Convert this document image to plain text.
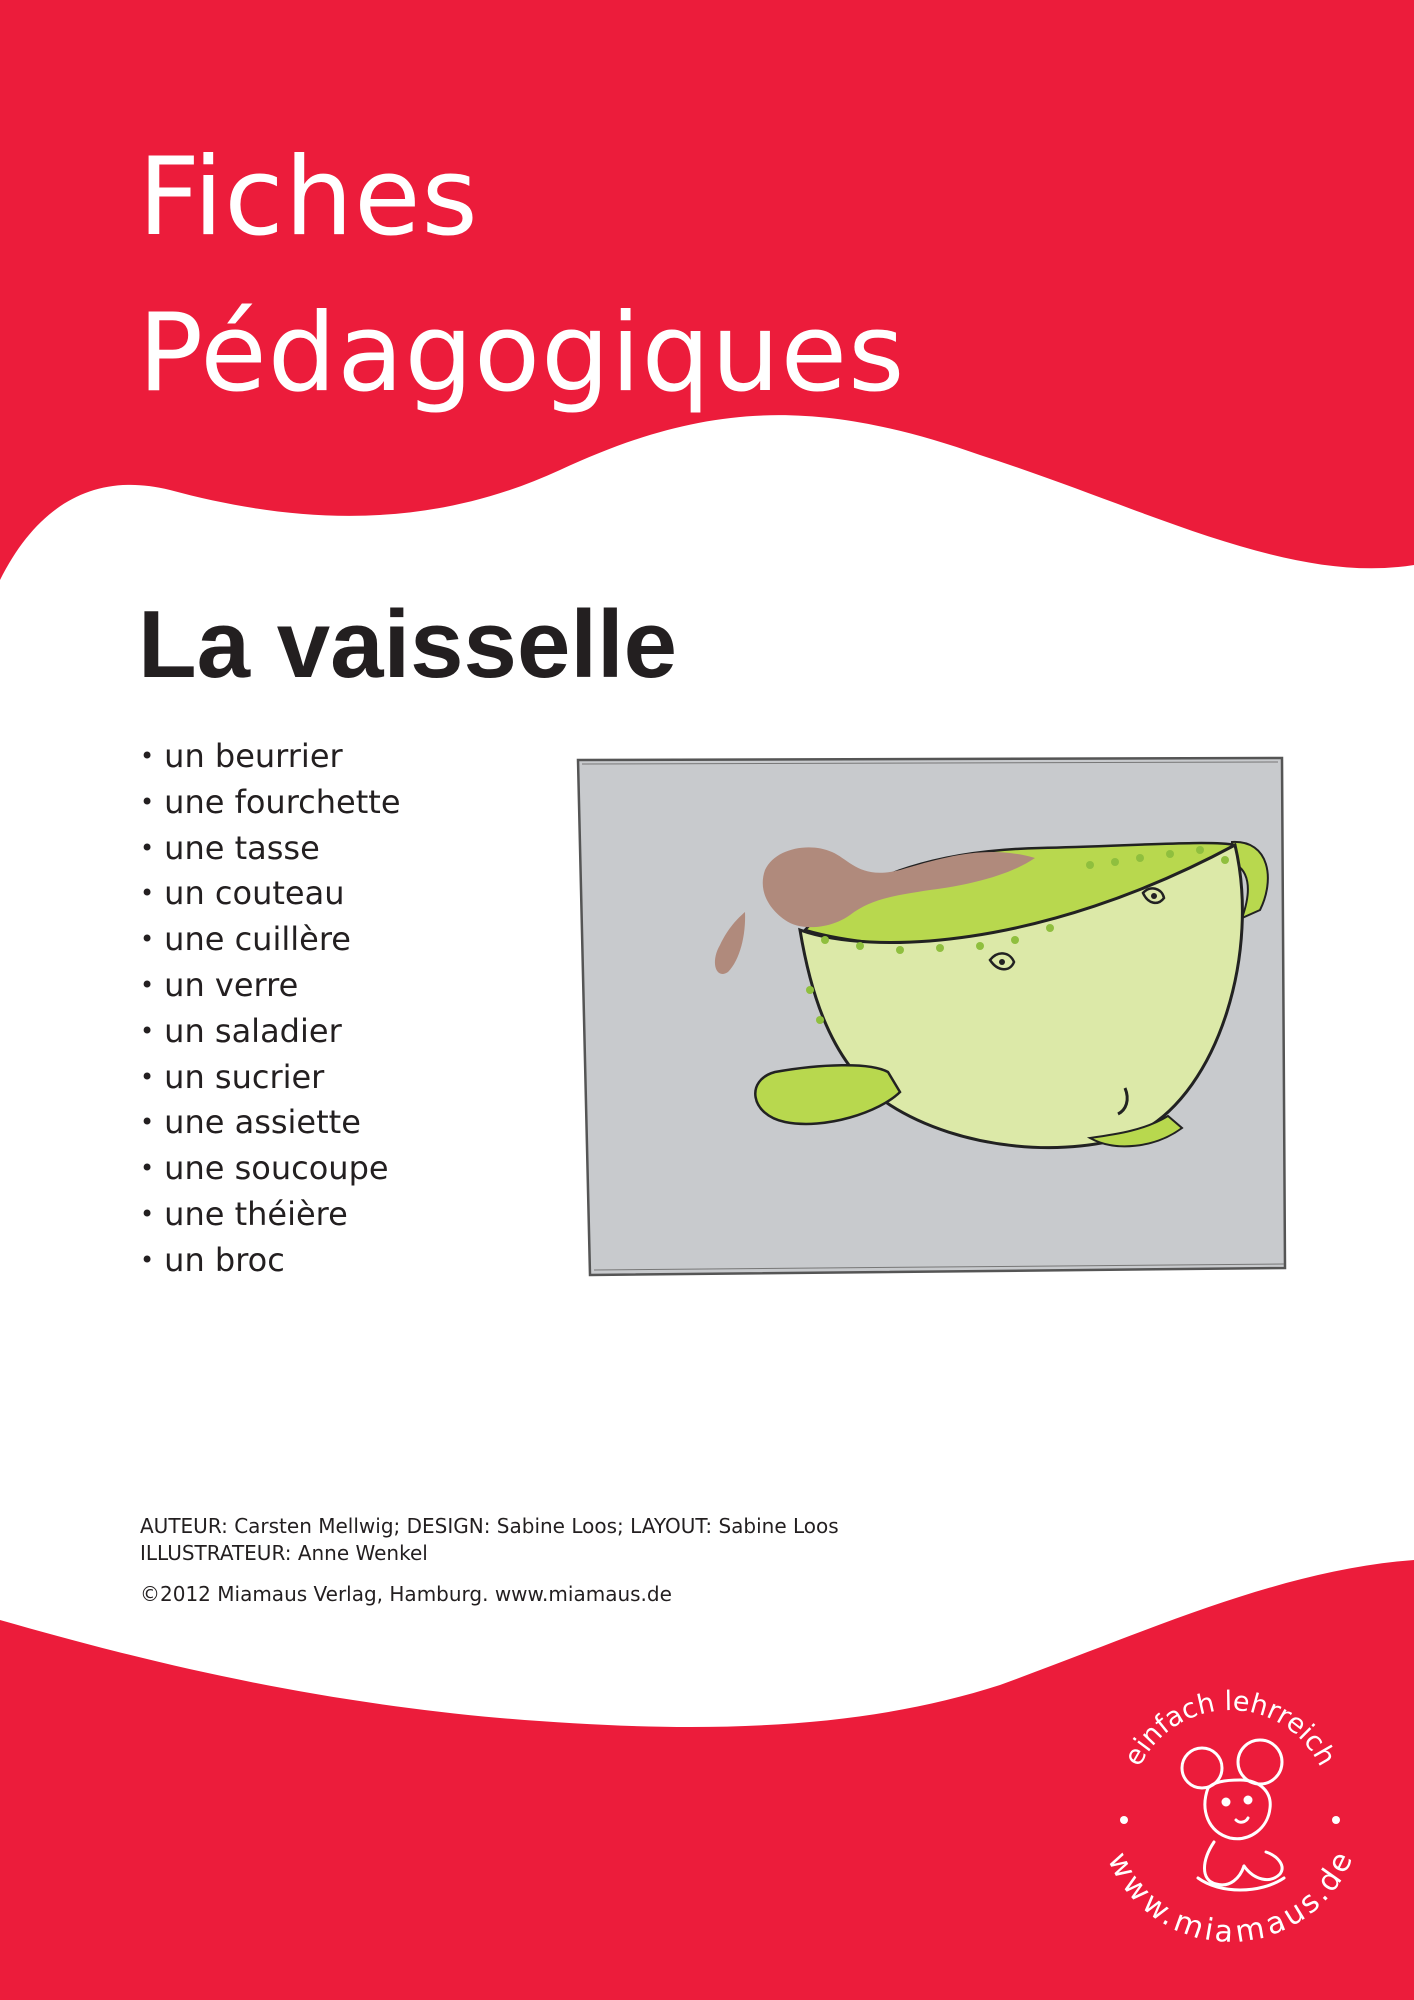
Fiches
Pédagogiques
La vaisselle
• un beurrier
• une fourchette
• une tasse
• un couteau
• une cuillère
• un verre
• un saladier
• un sucrier
• une assiette
• une soucoupe
• une théière
• un broc

AUTEUR: Carsten Mellwig; DESIGN: Sabine Loos; LAYOUT: Sabine Loos

ILLUSTRATEUR: Anne Wenkel

©2012 Miamaus Verlag, Hamburg. www.miamaus.de

einfach lehrreich
www.miamaus.de
